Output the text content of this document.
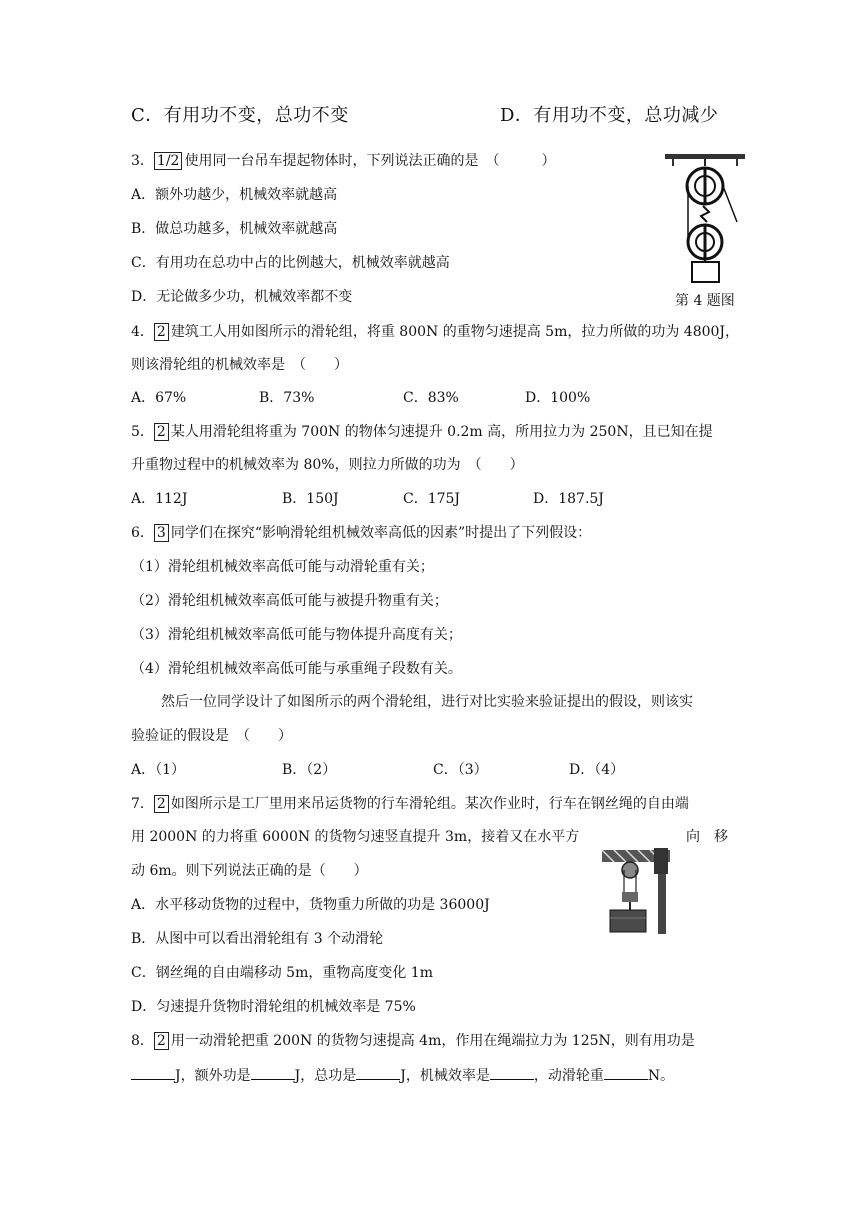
C．有用功不变，总功不变	D．有用功不变，总功减少
3． 1/2 使用同一台吊车提起物体时，下列说法正确的是　（　　　）
A．额外功越少，机械效率就越高
B．做总功越多，机械效率就越高
C．有用功在总功中占的比例越大，机械效率就越高
D．无论做多少功，机械效率都不变	第 4 题图
4． 2 建筑工人用如图所示的滑轮组，将重 800N 的重物匀速提高 5m，拉力所做的功为 4800J，
则该滑轮组的机械效率是　（　　）
A．67%	B．73%	C．83%	D．100%
5． 2 某人用滑轮组将重为 700N 的物体匀速提升 0.2m 高，所用拉力为 250N，且已知在提
升重物过程中的机械效率为 80%，则拉力所做的功为　（　　）
A．112J	B．150J	C．175J	D．187.5J
6． 3 同学们在探究“影响滑轮组机械效率高低的因素”时提出了下列假设：
（1）滑轮组机械效率高低可能与动滑轮重有关；
（2）滑轮组机械效率高低可能与被提升物重有关；
（3）滑轮组机械效率高低可能与物体提升高度有关；
（4）滑轮组机械效率高低可能与承重绳子段数有关。
然后一位同学设计了如图所示的两个滑轮组，进行对比实验来验证提出的假设，则该实
验验证的假设是　（　　）
A．（1）	B．（2）	C．（3）	D．（4）
7． 2 如图所示是工厂里用来吊运货物的行车滑轮组。某次作业时，行车在钢丝绳的自由端
用 2000N 的力将重 6000N 的货物匀速竖直提升 3m，接着又在水平方	向　移
动 6m。则下列说法正确的是（　　）
A．水平移动货物的过程中，货物重力所做的功是 36000J
B．从图中可以看出滑轮组有 3 个动滑轮
C．钢丝绳的自由端移动 5m，重物高度变化 1m
D．匀速提升货物时滑轮组的机械效率是 75%
8． 2 用一动滑轮把重 200N 的货物匀速提高 4m，作用在绳端拉力为 125N，则有用功是
J，额外功是	J，总功是	J，机械效率是	，动滑轮重	N。
